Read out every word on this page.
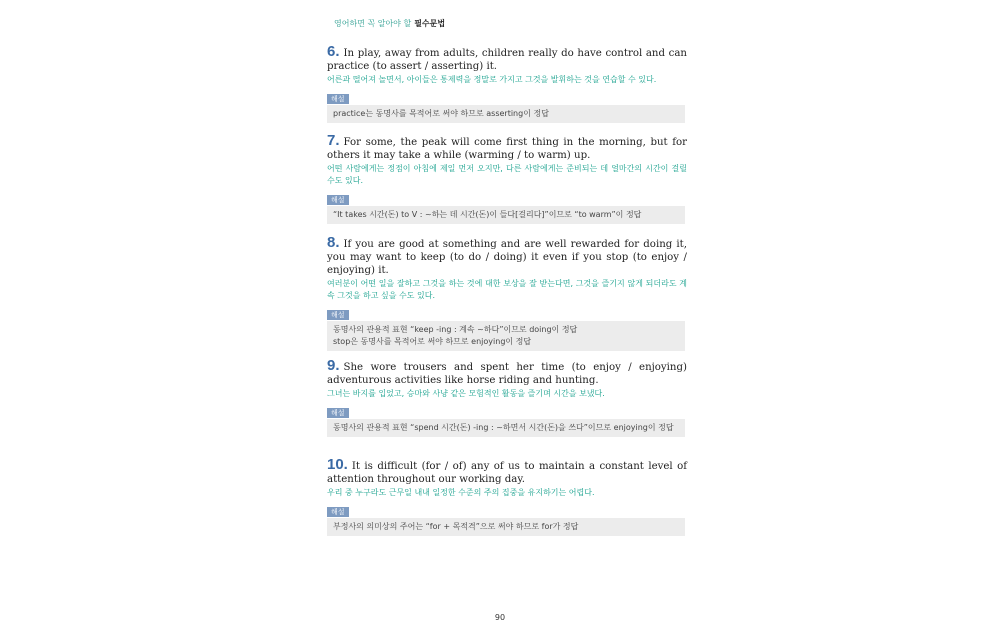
영어하면 꼭 알아야 할 필수문법

6. In play, away from adults, children really do have control and can practice (to assert / asserting) it.

어른과 떨어져 놀면서, 아이들은 통제력을 정말로 가지고 그것을 발휘하는 것을 연습할 수 있다.

해설
practice는 동명사를 목적어로 써야 하므로 asserting이 정답

7. For some, the peak will come first thing in the morning, but for others it may take a while (warming / to warm) up.

어떤 사람에게는 정점이 아침에 제일 먼저 오지만, 다른 사람에게는 준비되는 데 얼마간의 시간이 걸릴 수도 있다.

해설
“It takes 시간(돈) to V : ~하는 데 시간(돈)이 들다[걸리다]”이므로 “to warm”이 정답

8. If you are good at something and are well rewarded for doing it, you may want to keep (to do / doing) it even if you stop (to enjoy / enjoying) it.

여러분이 어떤 일을 잘하고 그것을 하는 것에 대한 보상을 잘 받는다면, 그것을 즐기지 않게 되더라도 계속 그것을 하고 싶을 수도 있다.

해설
동명사의 관용적 표현 “keep -ing : 계속 ~하다”이므로 doing이 정답
stop은 동명사를 목적어로 써야 하므로 enjoying이 정답

9. She wore trousers and spent her time (to enjoy / enjoying) adventurous activities like horse riding and hunting.

그녀는 바지를 입었고, 승마와 사냥 같은 모험적인 활동을 즐기며 시간을 보냈다.

해설
동명사의 관용적 표현 “spend 시간(돈) -ing : ~하면서 시간(돈)을 쓰다”이므로 enjoying이 정답

10. It is difficult (for / of) any of us to maintain a constant level of attention throughout our working day.

우리 중 누구라도 근무일 내내 일정한 수준의 주의 집중을 유지하기는 어렵다.

해설
부정사의 의미상의 주어는 “for + 목적격”으로 써야 하므로 for가 정답
90
